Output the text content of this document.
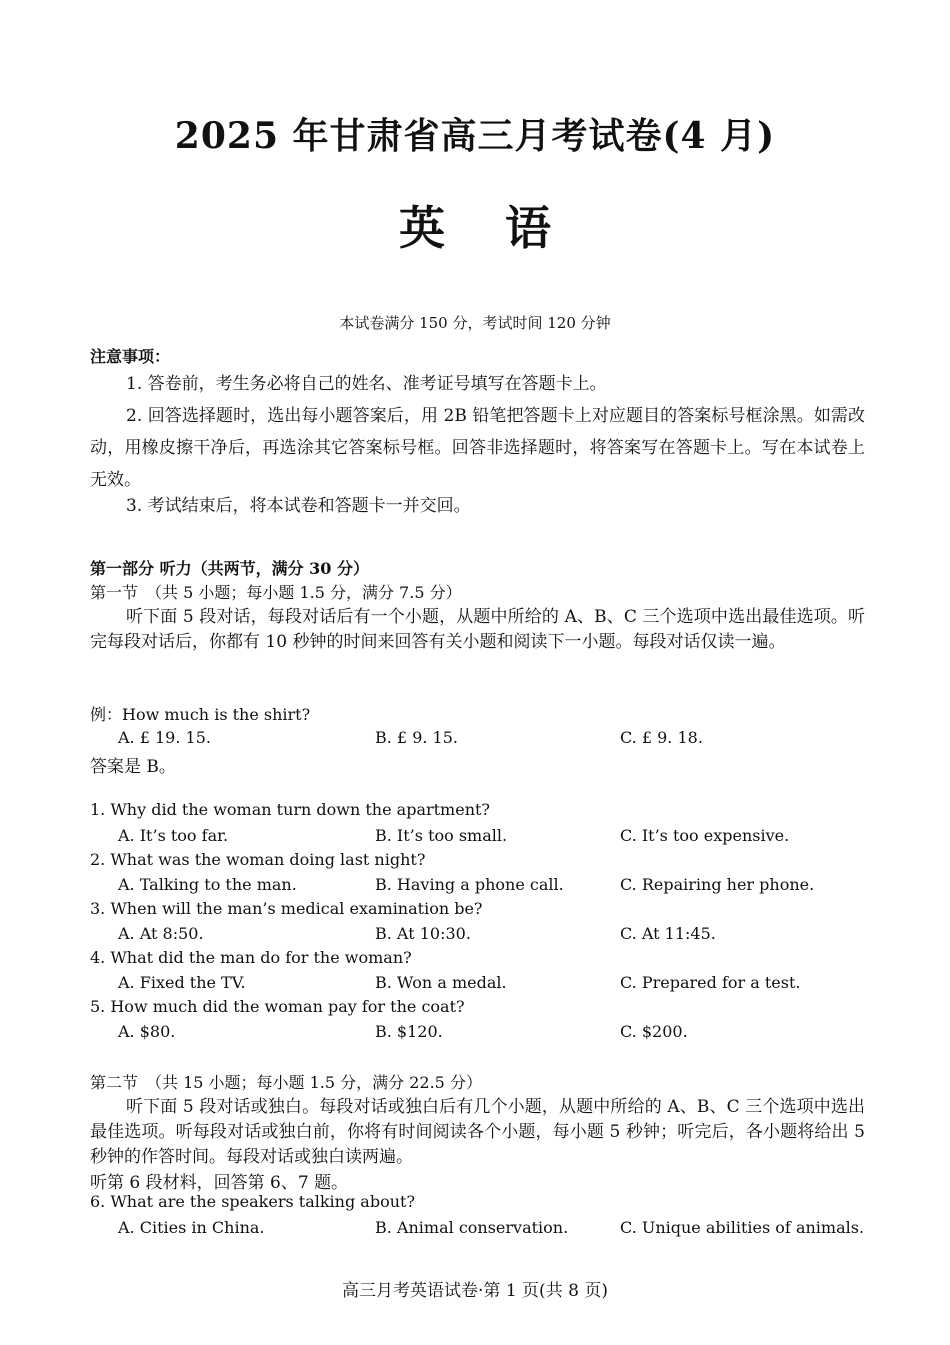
2025 年甘肃省高三月考试卷(4 月)
英语
本试卷满分 150 分，考试时间 120 分钟
注意事项：
1. 答卷前，考生务必将自己的姓名、准考证号填写在答题卡上。
2. 回答选择题时，选出每小题答案后，用 2B 铅笔把答题卡上对应题目的答案标号框涂黑。如需改动，用橡皮擦干净后，再选涂其它答案标号框。回答非选择题时，将答案写在答题卡上。写在本试卷上无效。
3. 考试结束后，将本试卷和答题卡一并交回。
第一部分 听力（共两节，满分 30 分）
第一节　（共 5 小题；每小题 1.5 分，满分 7.5 分）
听下面 5 段对话，每段对话后有一个小题，从题中所给的 A、B、C 三个选项中选出最佳选项。听完每段对话后，你都有 10 秒钟的时间来回答有关小题和阅读下一小题。每段对话仅读一遍。
例：How much is the shirt?
A. £ 19. 15.	B. £ 9. 15.	C. £ 9. 18.
答案是 B。
1. Why did the woman turn down the apartment?
A. It’s too far.	B. It’s too small.	C. It’s too expensive.
2. What was the woman doing last night?
A. Talking to the man.	B. Having a phone call.	C. Repairing her phone.
3. When will the man’s medical examination be?
A. At 8:50.	B. At 10:30.	C. At 11:45.
4. What did the man do for the woman?
A. Fixed the TV.	B. Won a medal.	C. Prepared for a test.
5. How much did the woman pay for the coat?
A. $80.	B. $120.	C. $200.
第二节　（共 15 小题；每小题 1.5 分，满分 22.5 分）
听下面 5 段对话或独白。每段对话或独白后有几个小题，从题中所给的 A、B、C 三个选项中选出最佳选项。听每段对话或独白前，你将有时间阅读各个小题，每小题 5 秒钟；听完后，各小题将给出 5 秒钟的作答时间。每段对话或独白读两遍。
听第 6 段材料，回答第 6、7 题。
6. What are the speakers talking about?
A. Cities in China.	B. Animal conservation.	C. Unique abilities of animals.
高三月考英语试卷·第 1 页(共 8 页)
